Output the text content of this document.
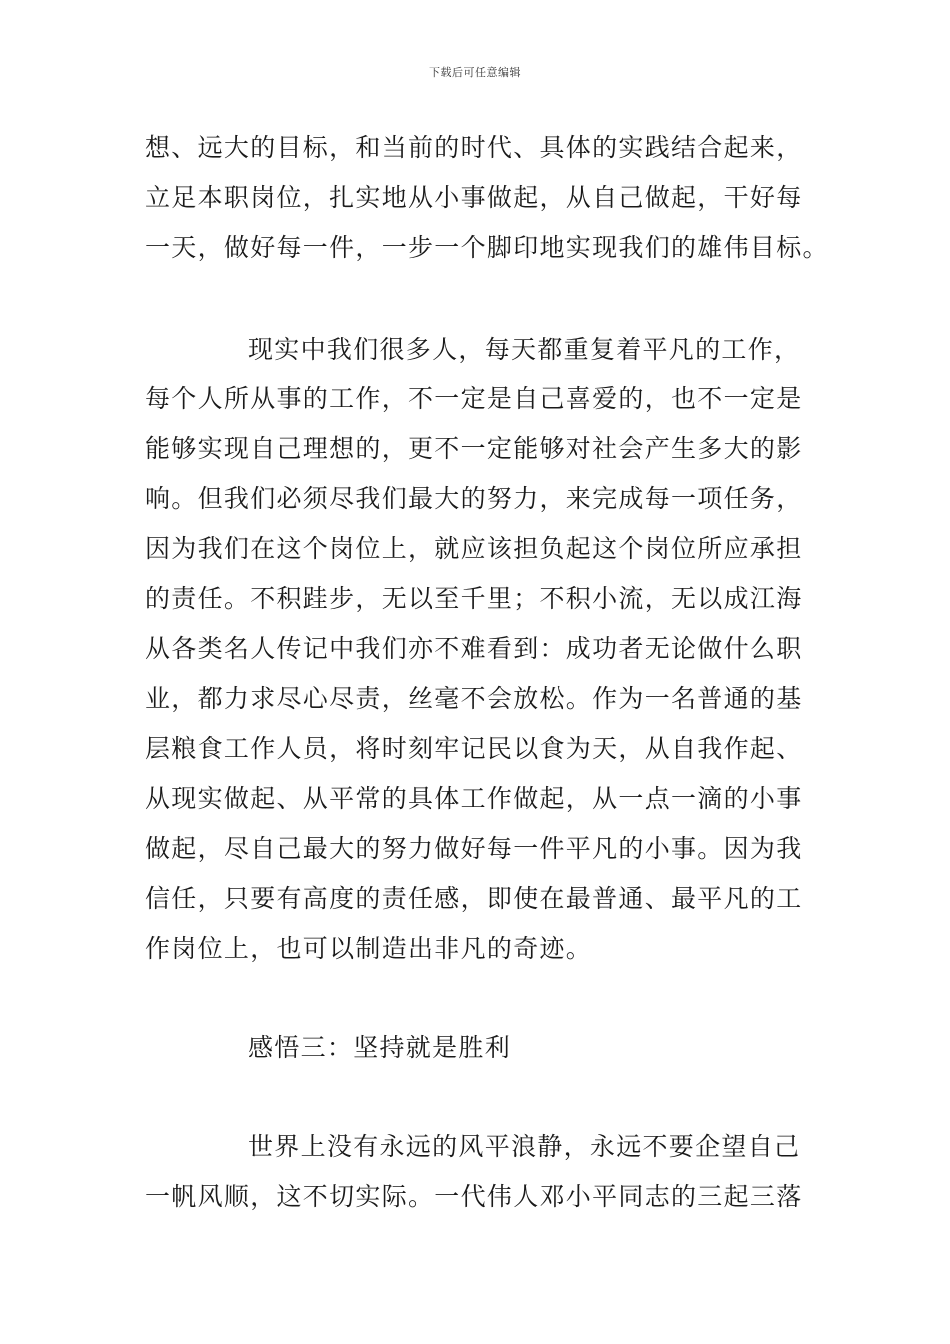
下载后可任意编辑
想、远大的目标，和当前的时代、具体的实践结合起来，
立足本职岗位，扎实地从小事做起，从自己做起，干好每
一天，做好每一件，一步一个脚印地实现我们的雄伟目标。
现实中我们很多人，每天都重复着平凡的工作，
每个人所从事的工作，不一定是自己喜爱的，也不一定是
能够实现自己理想的，更不一定能够对社会产生多大的影
响。但我们必须尽我们最大的努力，来完成每一项任务，
因为我们在这个岗位上，就应该担负起这个岗位所应承担
的责任。不积跬步，无以至千里；不积小流，无以成江海
从各类名人传记中我们亦不难看到：成功者无论做什么职
业，都力求尽心尽责，丝毫不会放松。作为一名普通的基
层粮食工作人员，将时刻牢记民以食为天，从自我作起、
从现实做起、从平常的具体工作做起，从一点一滴的小事
做起，尽自己最大的努力做好每一件平凡的小事。因为我
信任，只要有高度的责任感，即使在最普通、最平凡的工
作岗位上，也可以制造出非凡的奇迹。
感悟三：坚持就是胜利
世界上没有永远的风平浪静，永远不要企望自己
一帆风顺，这不切实际。一代伟人邓小平同志的三起三落
